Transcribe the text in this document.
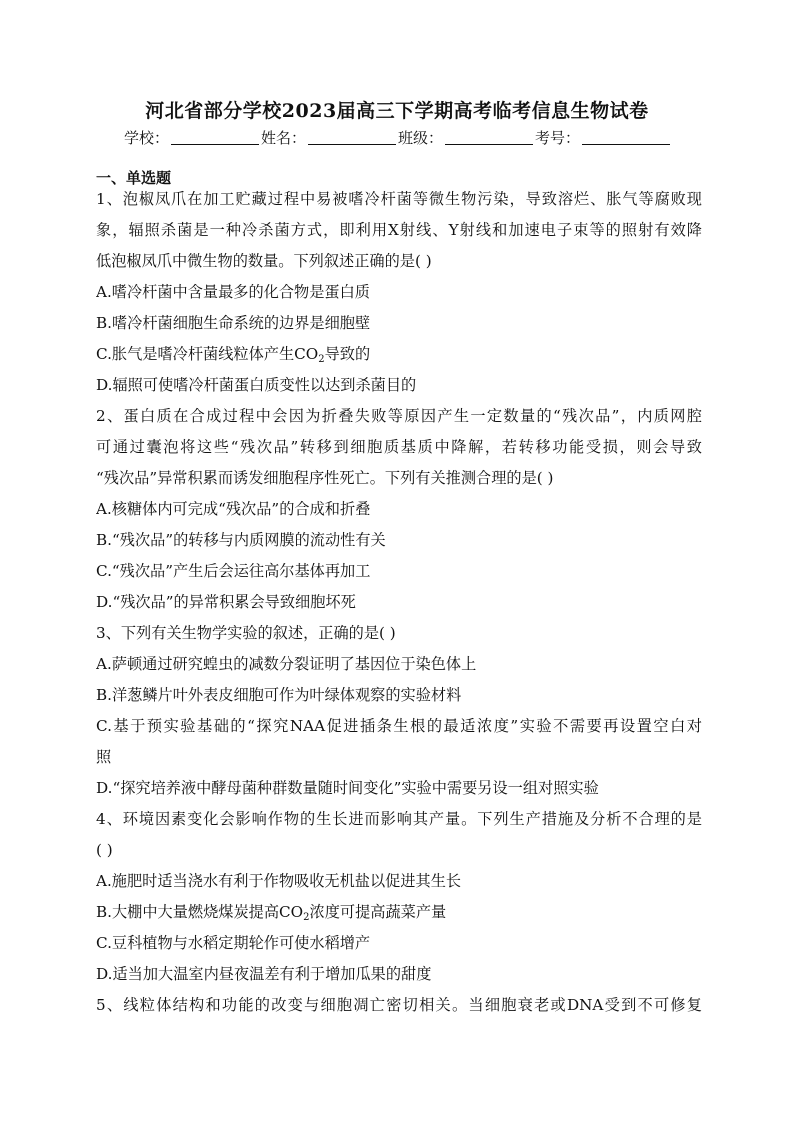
河北省部分学校2023届高三下学期高考临考信息生物试卷
学校：	姓名：	班级：	考号：
一、单选题
1、泡椒凤爪在加工贮藏过程中易被嗜冷杆菌等微生物污染，导致溶烂、胀气等腐败现
象，辐照杀菌是一种冷杀菌方式，即利用X射线、Y射线和加速电子束等的照射有效降
低泡椒凤爪中微生物的数量。下列叙述正确的是( )
A.嗜冷杆菌中含量最多的化合物是蛋白质
B.嗜冷杆菌细胞生命系统的边界是细胞壁
C.胀气是嗜冷杆菌线粒体产生$CO_2$导致的
D.辐照可使嗜冷杆菌蛋白质变性以达到杀菌目的
2、蛋白质在合成过程中会因为折叠失败等原因产生一定数量的“残次品”，内质网腔
可通过囊泡将这些“残次品”转移到细胞质基质中降解，若转移功能受损，则会导致
“残次品”异常积累而诱发细胞程序性死亡。下列有关推测合理的是( )
A.核糖体内可完成“残次品”的合成和折叠
B.“残次品”的转移与内质网膜的流动性有关
C.“残次品”产生后会运往高尔基体再加工
D.“残次品”的异常积累会导致细胞坏死
3、下列有关生物学实验的叙述，正确的是( )
A.萨顿通过研究蝗虫的减数分裂证明了基因位于染色体上
B.洋葱鳞片叶外表皮细胞可作为叶绿体观察的实验材料
C.基于预实验基础的“探究NAA促进插条生根的最适浓度”实验不需要再设置空白对
照
D.“探究培养液中酵母菌种群数量随时间变化”实验中需要另设一组对照实验
4、环境因素变化会影响作物的生长进而影响其产量。下列生产措施及分析不合理的是
( )
A.施肥时适当浇水有利于作物吸收无机盐以促进其生长
B.大棚中大量燃烧煤炭提高$CO_2$浓度可提高蔬菜产量
C.豆科植物与水稻定期轮作可使水稻增产
D.适当加大温室内昼夜温差有利于增加瓜果的甜度
5、线粒体结构和功能的改变与细胞凋亡密切相关。当细胞衰老或DNA受到不可修复
